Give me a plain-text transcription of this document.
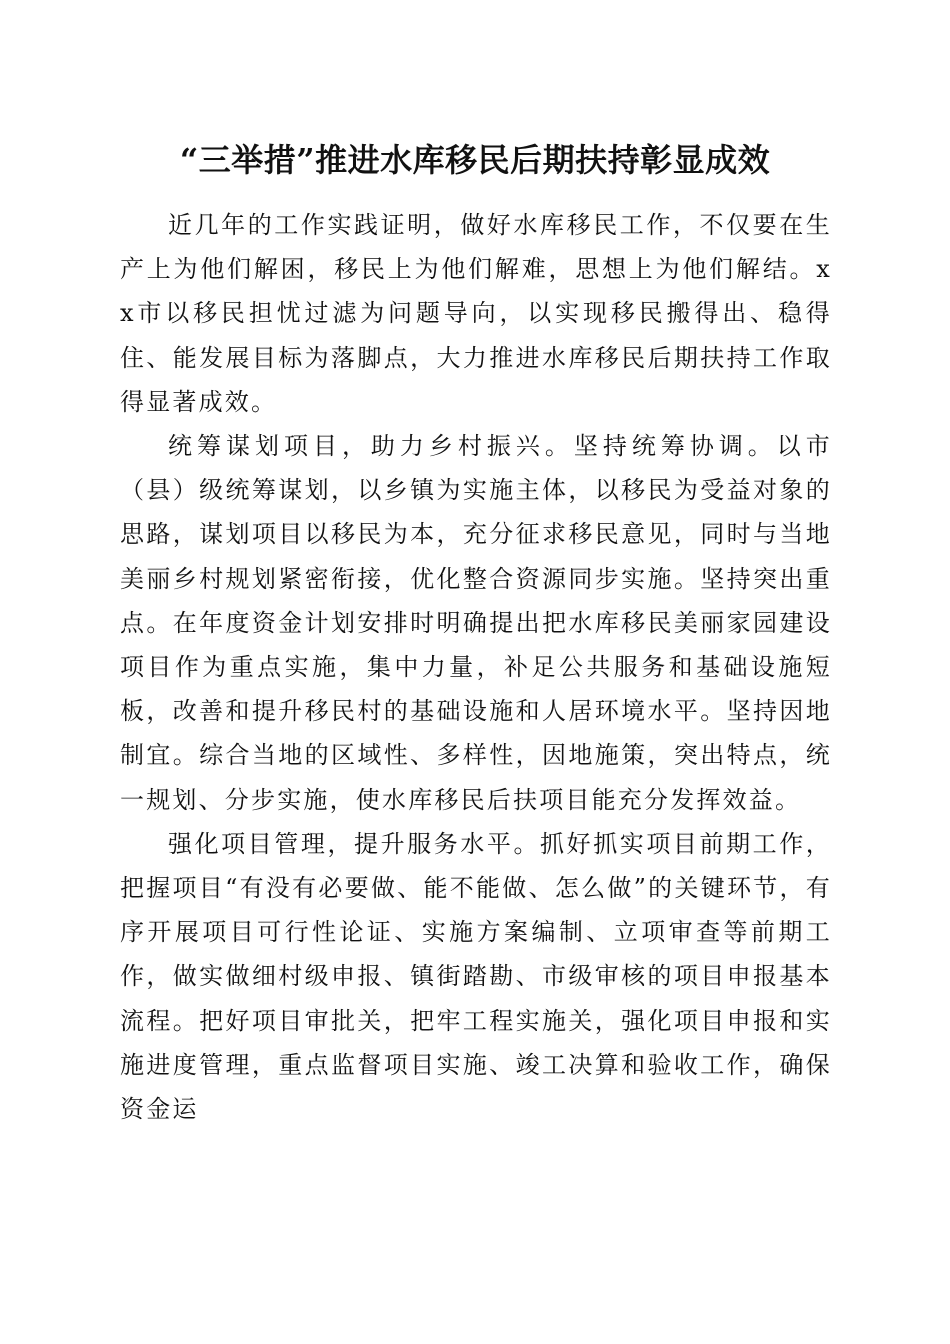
“三举措”推进水库移民后期扶持彰显成效

近几年的工作实践证明，做好水库移民工作，不仅要在生产上为他们解困，移民上为他们解难，思想上为他们解结。xx市以移民担忧过滤为问题导向，以实现移民搬得出、稳得住、能发展目标为落脚点，大力推进水库移民后期扶持工作取得显著成效。

统筹谋划项目，助力乡村振兴。坚持统筹协调。以市（县）级统筹谋划，以乡镇为实施主体，以移民为受益对象的思路，谋划项目以移民为本，充分征求移民意见，同时与当地美丽乡村规划紧密衔接，优化整合资源同步实施。坚持突出重点。在年度资金计划安排时明确提出把水库移民美丽家园建设项目作为重点实施，集中力量，补足公共服务和基础设施短板，改善和提升移民村的基础设施和人居环境水平。坚持因地制宜。综合当地的区域性、多样性，因地施策，突出特点，统一规划、分步实施，使水库移民后扶项目能充分发挥效益。

强化项目管理，提升服务水平。抓好抓实项目前期工作，把握项目“有没有必要做、能不能做、怎么做”的关键环节，有序开展项目可行性论证、实施方案编制、立项审查等前期工作，做实做细村级申报、镇街踏勘、市级审核的项目申报基本流程。把好项目审批关，把牢工程实施关，强化项目申报和实施进度管理，重点监督项目实施、竣工决算和验收工作，确保资金运
